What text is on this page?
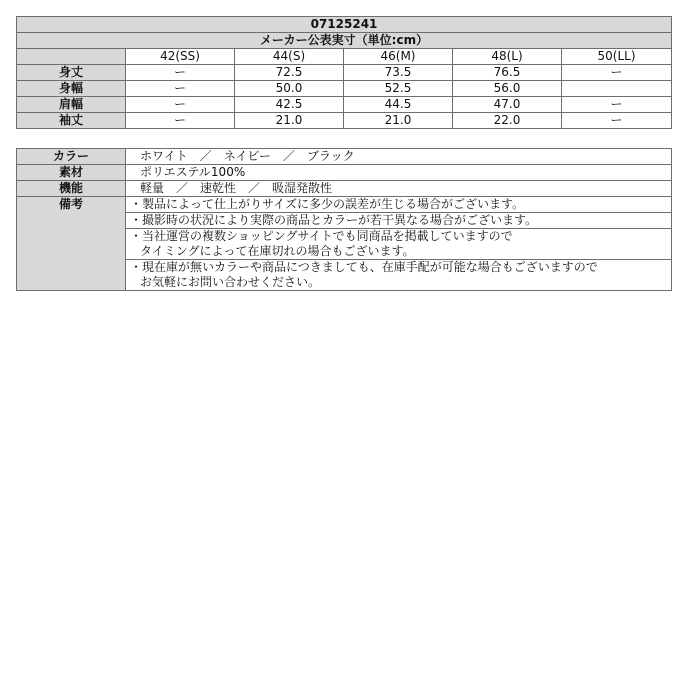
07125241					
メーカー公表実寸（単位:cm）					
	42(SS)	44(S)	46(M)	48(L)	50(LL)
身丈	ー	72.5	73.5	76.5	ー
身幅	ー	50.0	52.5	56.0	
肩幅	ー	42.5	44.5	47.0	ー
袖丈	ー	21.0	21.0	22.0	ー
カラー	ホワイト　／　ネイビー　／　ブラック
素材	ポリエステル100%
機能	軽量　／　速乾性　／　吸湿発散性
備考	・製品によって仕上がりサイズに多少の誤差が生じる場合がございます。

	・撮影時の状況により実際の商品とカラーが若干異なる場合がございます。

	・当社運営の複数ショッピングサイトでも同商品を掲載していますので
タイミングによって在庫切れの場合もございます。

	・現在庫が無いカラーや商品につきましても、在庫手配が可能な場合もございますので
お気軽にお問い合わせください。
